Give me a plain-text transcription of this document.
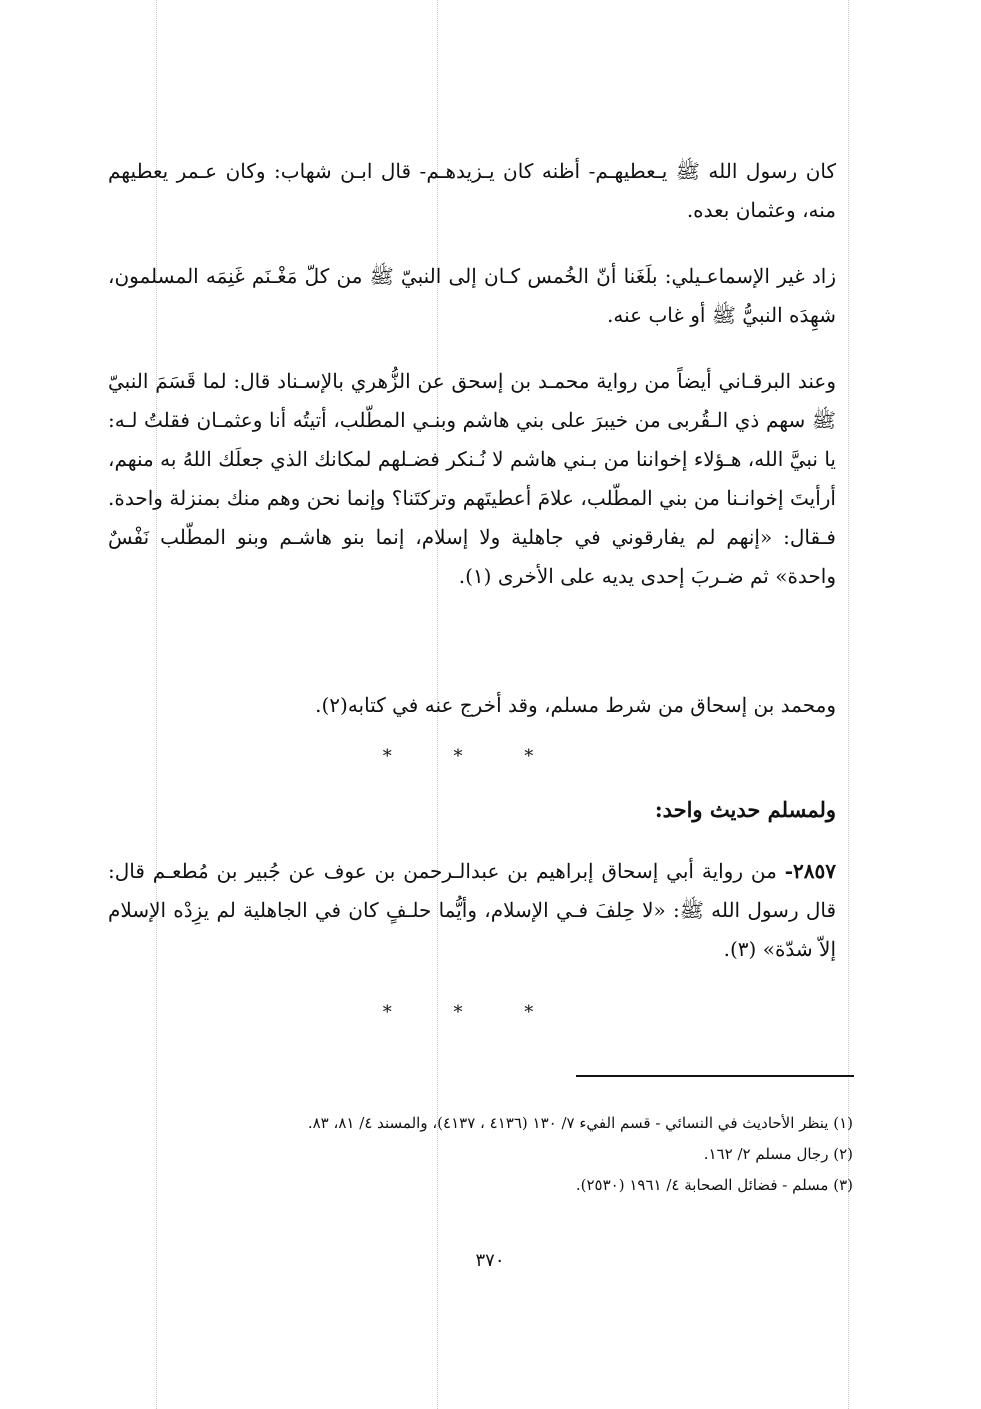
كان رسول الله ﷺ يـعطيهـم- أظنه كان يـزيدهـم- قال ابـن شهاب: وكان عـمر يعطيهم منه، وعثمان بعده.

زاد غير الإسماعـيلي: بلَغَنا أنّ الخُمس كـان إلى النبيّ ﷺ من كلّ مَغْـنَم غَنِمَه المسلمون، شهِدَه النبيُّ ﷺ أو غاب عنه.

وعند البرقـاني أيضاً من رواية محمـد بن إسحق عن الزُّهري بالإسـناد قال: لما قَسَمَ النبيّ ﷺ سهم ذي الـقُربى من خيبرَ على بني هاشم وبنـي المطّلب، أتيتُه أنا وعثمـان فقلتُ لـه: يا نبيَّ الله، هـؤلاء إخواننا من بـني هاشم لا نُـنكر فضـلهم لمكانك الذي جعلَك اللهُ به منهم، أرأيتَ إخوانـنا من بني المطّلب، علامَ أعطيتَهم وتركتَنا؟ وإنما نحن وهم منك بمنزلة واحدة. فـقال: «إنهم لم يفارقوني في جاهلية ولا إسلام، إنما بنو هاشـم وبنو المطّلب نَفْسٌ واحدة» ثم ضـربَ إحدى يديه على الأخرى (١).

ومحمد بن إسحاق من شرط مسلم، وقد أخرج عنه في كتابه(٢).

* * *
ولمسلم حديث واحد:

٢٨٥٧- من رواية أبي إسحاق إبراهيم بن عبدالـرحمن بن عوف عن جُبير بن مُطعـم قال: قال رسول الله ﷺ: «لا حِلفَ فـي الإسلام، وأيُّما حلـفٍ كان في الجاهلية لم يزِدْه الإسلام إلاّ شدّة» (٣).

* * *
(١) ينظر الأحاديث في النسائي - قسم الفيء ٧/ ١٣٠ (٤١٣٦ ، ٤١٣٧)، والمسند ٤/ ٨١، ٨٣.
(٢) رجال مسلم ٢/ ١٦٢.
(٣) مسلم - فضائل الصحابة ٤/ ١٩٦١ (٢٥٣٠).
٣٧٠
